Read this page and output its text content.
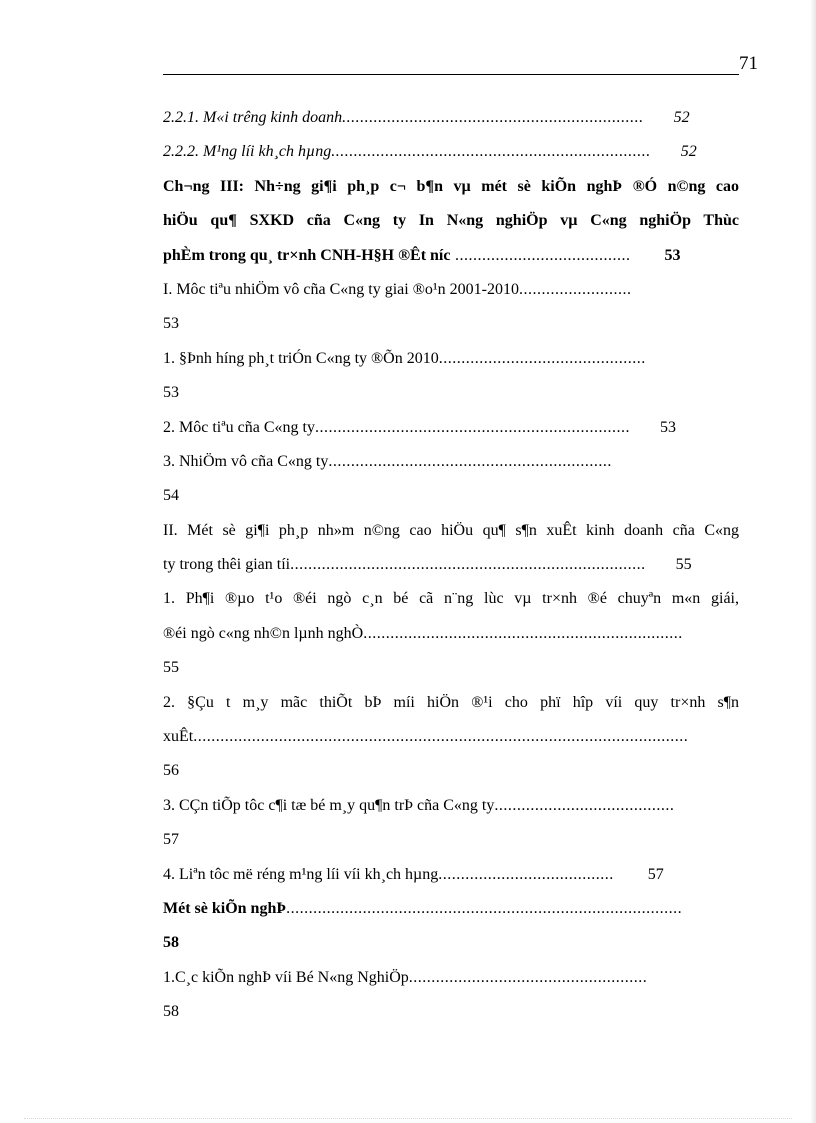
71
2.2.1. M«i trêng kinh doanh................................................................... 52
2.2.2. M¹ng líi kh¸ch hµng....................................................................... 52
Ch¬ng III: Nh÷ng gi¶i ph¸p c¬ b¶n vµ mét sè kiÕn nghÞ ®Ó n©ng cao
hiÖu qu¶ SXKD cña C«ng ty In N«ng nghiÖp vµ C«ng nghiÖp Thùc
phÈm trong qu¸ tr×nh CNH-H§H ®Êt níc ....................................... 53
I. Môc tiªu nhiÖm vô cña C«ng ty giai ®o¹n 2001-2010.........................
53
1. §Þnh híng ph¸t triÓn C«ng ty ®Õn 2010..............................................
53
2. Môc tiªu cña C«ng ty...................................................................... 53
3. NhiÖm vô cña C«ng ty...............................................................
54
II. Mét sè gi¶i ph¸p nh»m n©ng cao hiÖu qu¶ s¶n xuÊt kinh doanh cña C«ng
ty trong thêi gian tíi............................................................................... 55
1. Ph¶i ®µo t¹o ®éi ngò c¸n bé cã n¨ng lùc vµ tr×nh ®é chuyªn m«n giái,
®éi ngò c«ng nh©n lµnh nghÒ.......................................................................
55
2. §Çu t m¸y mãc thiÕt bÞ míi hiÖn ®¹i cho phï hîp víi quy tr×nh s¶n
xuÊt..............................................................................................................
56
3. CÇn tiÕp tôc c¶i tæ bé m¸y qu¶n trÞ cña C«ng ty........................................
57
4. Liªn tôc më réng m¹ng líi víi kh¸ch hµng....................................... 57
Mét sè kiÕn nghÞ........................................................................................
58
1.C¸c kiÕn nghÞ víi Bé N«ng NghiÖp.....................................................
58
